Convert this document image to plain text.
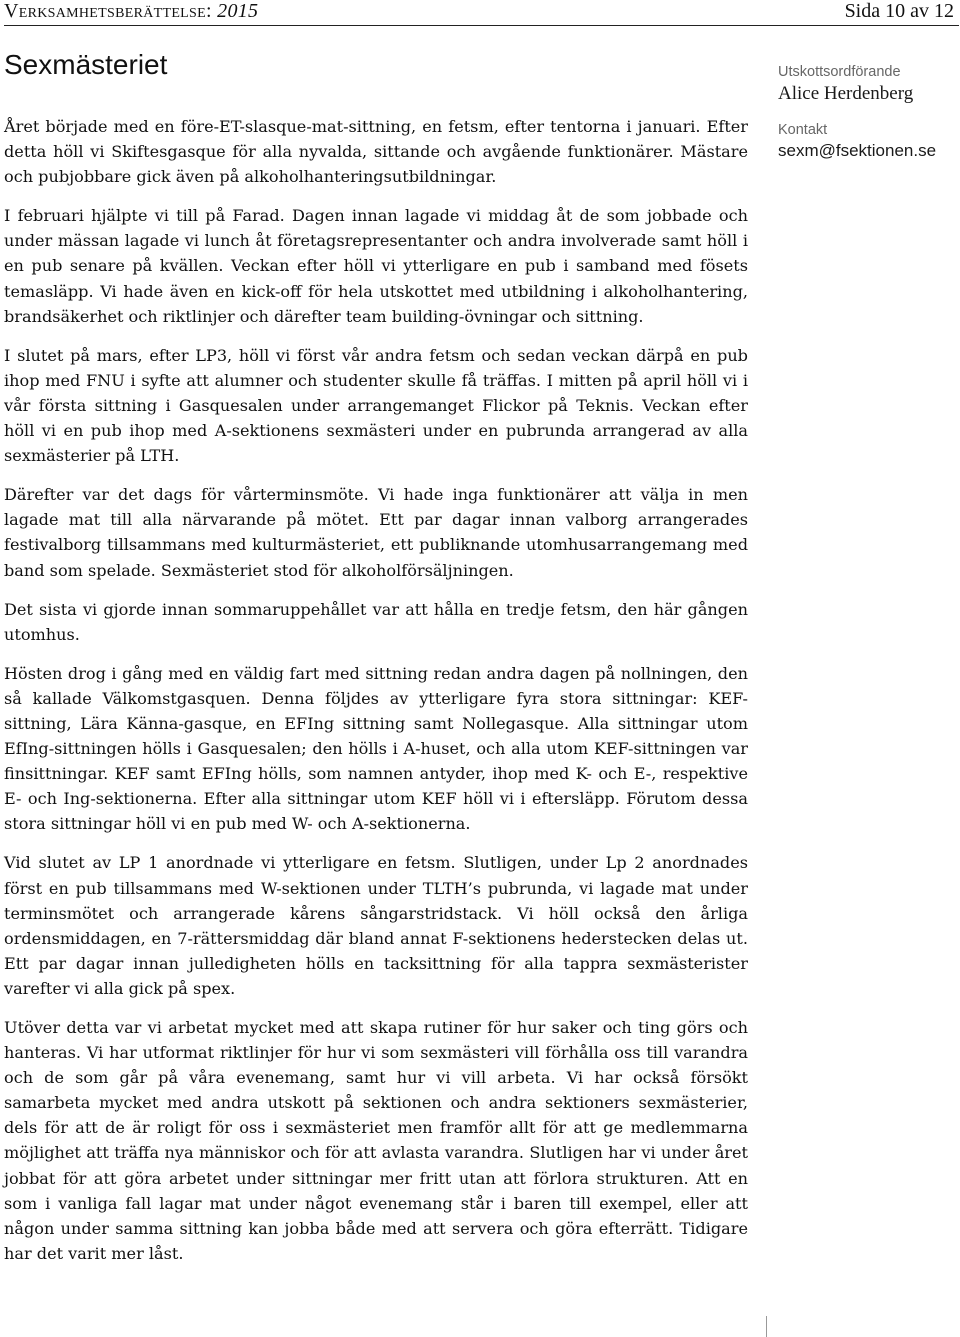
Verksamhetsberättelse: 2015	Sida 10 av 12
Sexmästeriet	Utskottsordförande
Alice Herdenberg
Kontakt
sexm@fsektionen.se

Året började med en före-ET-slasque-mat-sittning, en fetsm, efter tentorna i januari. Efter detta höll vi Skiftesgasque för alla nyvalda, sittande och avgående funktionärer. Mästare och pubjobbare gick även på alkoholhanteringsutbildningar.

I februari hjälpte vi till på Farad. Dagen innan lagade vi middag åt de som jobbade och under mässan lagade vi lunch åt företagsrepresentanter och andra involverade samt höll i en pub senare på kvällen. Veckan efter höll vi ytterligare en pub i samband med fösets temasläpp. Vi hade även en kick-off för hela utskottet med utbildning i alkoholhantering, brandsäkerhet och riktlinjer och därefter team building-övningar och sittning.

I slutet på mars, efter LP3, höll vi först vår andra fetsm och sedan veckan därpå en pub ihop med FNU i syfte att alumner och studenter skulle få träffas. I mitten på april höll vi i vår första sittning i Gasquesalen under arrangemanget Flickor på Teknis. Veckan efter höll vi en pub ihop med A-sektionens sexmästeri under en pubrunda arrangerad av alla sexmästerier på LTH.

Därefter var det dags för vårterminsmöte. Vi hade inga funktionärer att välja in men lagade mat till alla närvarande på mötet. Ett par dagar innan valborg arrangerades festivalborg tillsammans med kulturmästeriet, ett publiknande utomhusarrangemang med band som spelade. Sexmästeriet stod för alkoholförsäljningen.

Det sista vi gjorde innan sommaruppehållet var att hålla en tredje fetsm, den här gången utomhus.

Hösten drog i gång med en väldig fart med sittning redan andra dagen på nollningen, den så kallade Välkomstgasquen. Denna följdes av ytterligare fyra stora sittningar: KEF-sittning, Lära Känna-gasque, en EFIng sittning samt Nollegasque. Alla sittningar utom EfIng-sittningen hölls i Gasquesalen; den hölls i A-huset, och alla utom KEF-sittningen var finsittningar. KEF samt EFIng hölls, som namnen antyder, ihop med K- och E-, respektive E- och Ing-sektionerna. Efter alla sittningar utom KEF höll vi i eftersläpp. Förutom dessa stora sittningar höll vi en pub med W- och A-sektionerna.

Vid slutet av LP 1 anordnade vi ytterligare en fetsm. Slutligen, under Lp 2 anordnades först en pub tillsammans med W-sektionen under TLTH’s pubrunda, vi lagade mat under terminsmötet och arrangerade kårens sångarstridstack. Vi höll också den årliga ordensmiddagen, en 7-rättersmiddag där bland annat F-sektionens hederstecken delas ut. Ett par dagar innan julledigheten hölls en tacksittning för alla tappra sexmästerister varefter vi alla gick på spex.

Utöver detta var vi arbetat mycket med att skapa rutiner för hur saker och ting görs och hanteras. Vi har utformat riktlinjer för hur vi som sexmästeri vill förhålla oss till varandra och de som går på våra evenemang, samt hur vi vill arbeta. Vi har också försökt samarbeta mycket med andra utskott på sektionen och andra sektioners sexmästerier, dels för att de är roligt för oss i sexmästeriet men framför allt för att ge medlemmarna möjlighet att träffa nya människor och för att avlasta varandra. Slutligen har vi under året jobbat för att göra arbetet under sittningar mer fritt utan att förlora strukturen. Att en som i vanliga fall lagar mat under något evenemang står i baren till exempel, eller att någon under samma sittning kan jobba både med att servera och göra efterrätt. Tidigare har det varit mer låst.
